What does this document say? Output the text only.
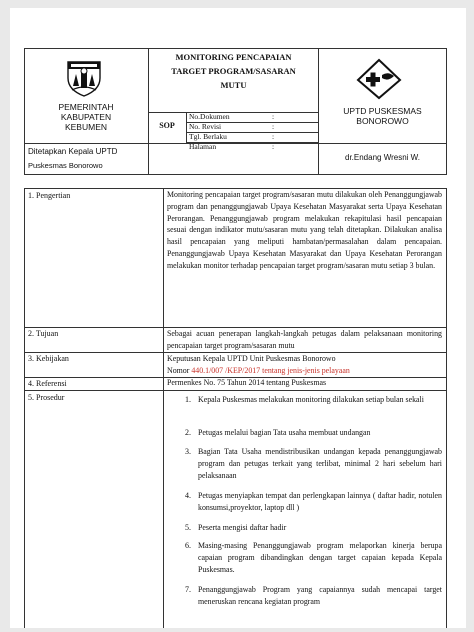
PEMERINTAH
KABUPATEN
KEBUMEN
MONITORING PENCAPAIAN
TARGET PROGRAM/SASARAN
MUTU
SOP
No.Dokumen	:
No. Revisi	:
Tgl. Berlaku	:
Halaman	:
UPTD PUSKESMAS
BONOROWO
Ditetapkan Kepala UPTD
Puskesmas Bonorowo
dr.Endang Wresni W.
1. Pengertian	Monitoring pencapaian target program/sasaran mutu dilakukan oleh Penanggungjawab program dan penanggungjawab Upaya Kesehatan Masyarakat serta Upaya Kesehatan Perorangan. Penanggungjawab program melakukan rekapitulasi hasil pencapaian sesuai dengan indikator mutu/sasaran mutu yang telah ditetapkan. Dilakukan analisa hasil pencapaian yang meliputi hambatan/permasalahan dalam pencapaian. Penanggungjawab Upaya Kesehatan Masyarakat dan Upaya Kesehatan Perorangan melakukan monitor terhadap pencapaian target program/sasaran mutu setiap 3 bulan.
2. Tujuan	Sebagai acuan penerapan langkah-langkah petugas dalam pelaksanaan monitoring pencapaian target program/sasaran mutu
3. Kebijakan	Keputusan Kepala UPTD Unit Puskesmas Bonorowo
Nomor 440.1/007 /KEP/2017 tentang jenis-jenis pelayaan
4. Referensi	Permenkes No. 75 Tahun 2014 tentang Puskesmas
5. Prosedur	1. Kepala Puskesmas melakukan monitoring dilakukan setiap bulan sekali
2. Petugas melalui bagian Tata usaha membuat undangan
3. Bagian Tata Usaha mendistribusikan undangan kepada penanggungjawab program dan petugas terkait yang terlibat, minimal 2 hari sebelum hari pelaksanaan
4. Petugas menyiapkan tempat dan perlengkapan lainnya ( daftar hadir, notulen konsumsi,proyektor, laptop dll )
5. Peserta mengisi daftar hadir
6. Masing-masing Penanggungjawab program melaporkan kinerja berupa capaian program dibandingkan dengan target capaian kepada Kepala Puskesmas.
7. Penanggungjawab Program yang capaiannya sudah mencapai target meneruskan rencana kegiatan program
